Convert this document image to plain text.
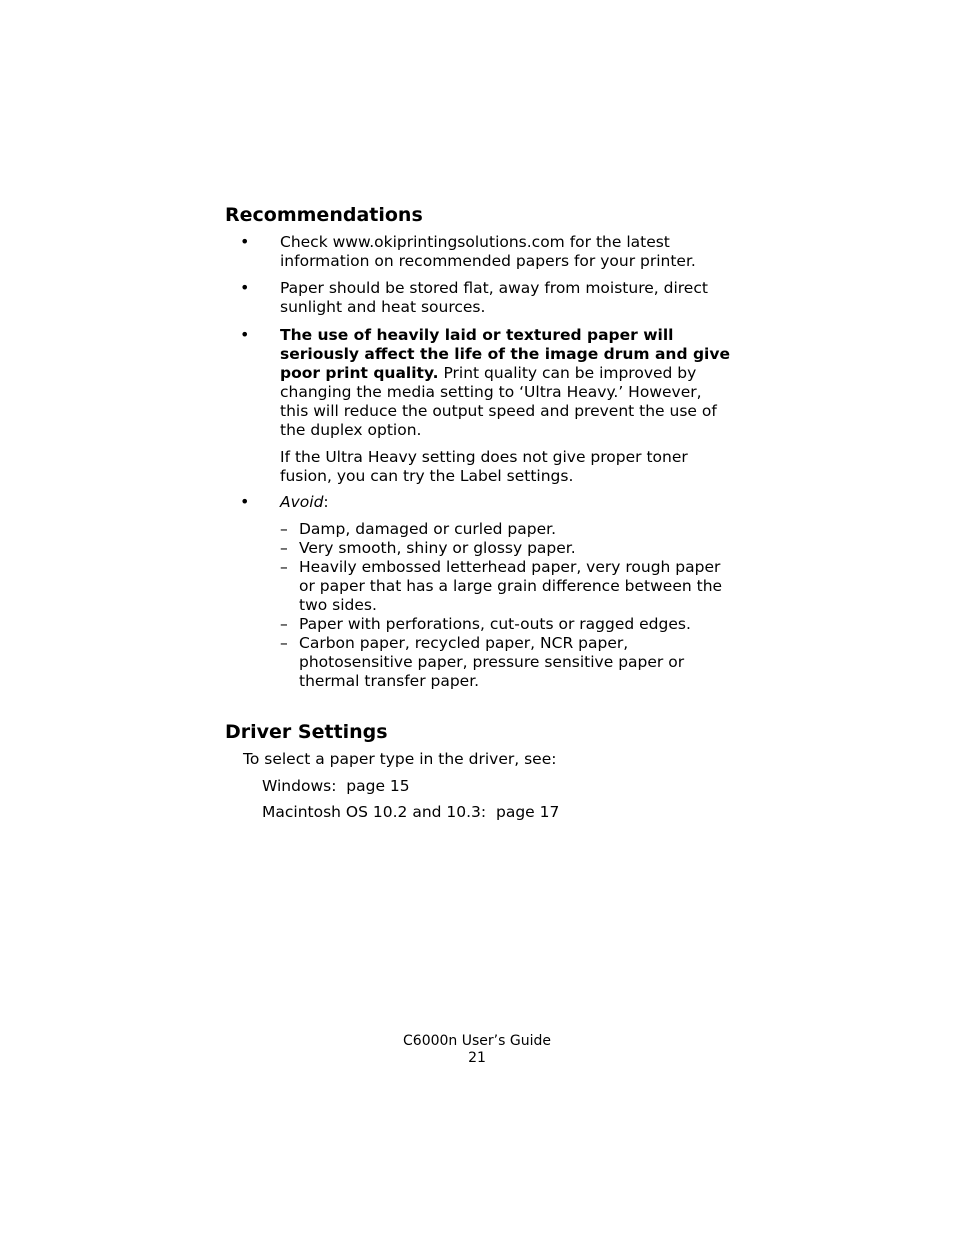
Recommendations
• Check www.okiprintingsolutions.com for the latest information on recommended papers for your printer.

• Paper should be stored flat, away from moisture, direct sunlight and heat sources.

• The use of heavily laid or textured paper will seriously affect the life of the image drum and give poor print quality. Print quality can be improved by changing the media setting to ‘Ultra Heavy.’ However, this will reduce the output speed and prevent the use of the duplex option.

If the Ultra Heavy setting does not give proper toner fusion, you can try the Label settings.

• Avoid:

– Damp, damaged or curled paper.
– Very smooth, shiny or glossy paper.
– Heavily embossed letterhead paper, very rough paper or paper that has a large grain difference between the two sides.
– Paper with perforations, cut-outs or ragged edges.
– Carbon paper, recycled paper, NCR paper, photosensitive paper, pressure sensitive paper or thermal transfer paper.
Driver Settings

To select a paper type in the driver, see:

Windows:  page 15

Macintosh OS 10.2 and 10.3:  page 17

C6000n User’s Guide
21
